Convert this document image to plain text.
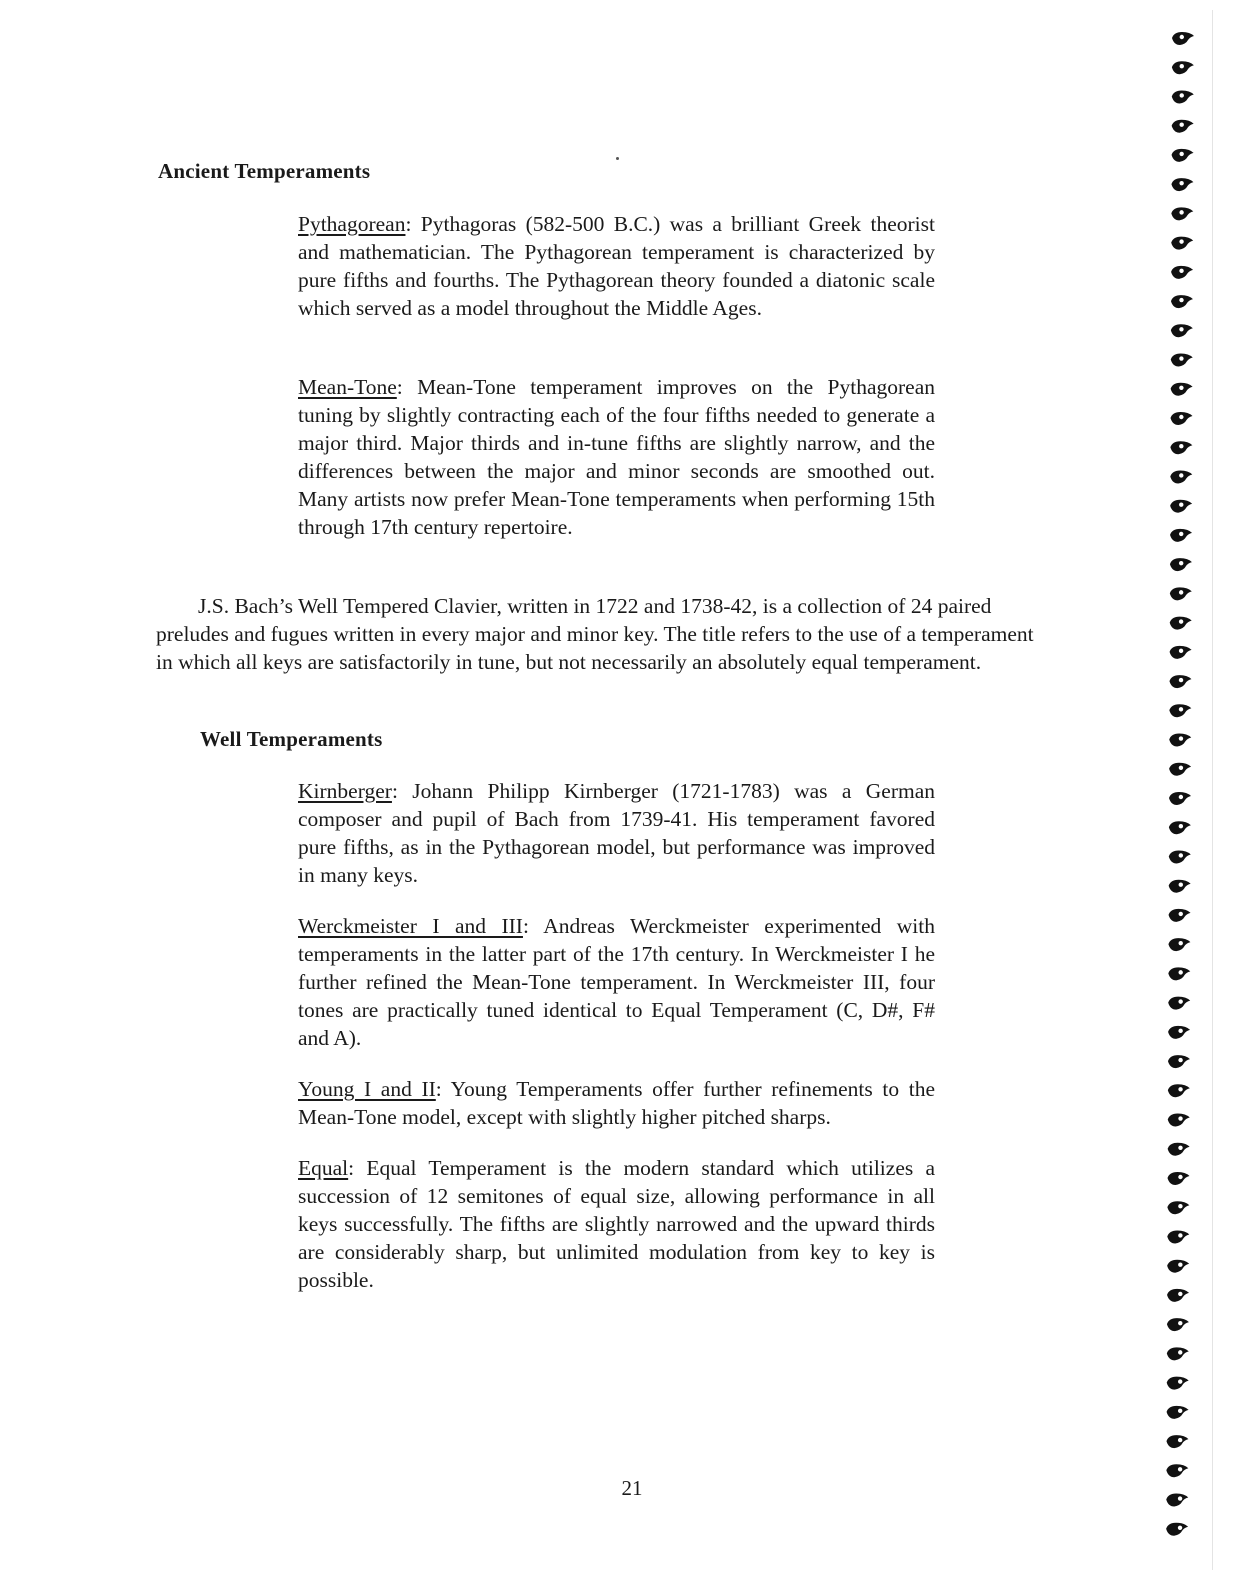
Ancient Temperaments

Pythagorean: Pythagoras (582-500 B.C.) was a brilliant Greek theorist and mathematician. The Pythagorean temperament is characterized by pure fifths and fourths. The Pythagorean theory founded a diatonic scale which served as a model throughout the Middle Ages.

Mean-Tone: Mean-Tone temperament improves on the Pythagorean tuning by slightly contracting each of the four fifths needed to generate a major third. Major thirds and in-tune fifths are slightly narrow, and the differences between the major and minor seconds are smoothed out. Many artists now prefer Mean-Tone temperaments when performing 15th through 17th century repertoire.

J.S. Bach’s Well Tempered Clavier, written in 1722 and 1738-42, is a collection of 24 paired preludes and fugues written in every major and minor key. The title refers to the use of a temperament in which all keys are satisfactorily in tune, but not necessarily an absolutely equal temperament.

Well Temperaments

Kirnberger: Johann Philipp Kirnberger (1721-1783) was a German composer and pupil of Bach from 1739-41. His temperament favored pure fifths, as in the Pythagorean model, but performance was improved in many keys.

Werckmeister I and III: Andreas Werckmeister experimented with temperaments in the latter part of the 17th century. In Werckmeister I he further refined the Mean-Tone temperament. In Werckmeister III, four tones are practically tuned identical to Equal Temperament (C, D#, F# and A).

Young I and II: Young Temperaments offer further refinements to the Mean-Tone model, except with slightly higher pitched sharps.

Equal: Equal Temperament is the modern standard which utilizes a succession of 12 semitones of equal size, allowing performance in all keys successfully. The fifths are slightly narrowed and the upward thirds are considerably sharp, but unlimited modulation from key to key is possible.

21
